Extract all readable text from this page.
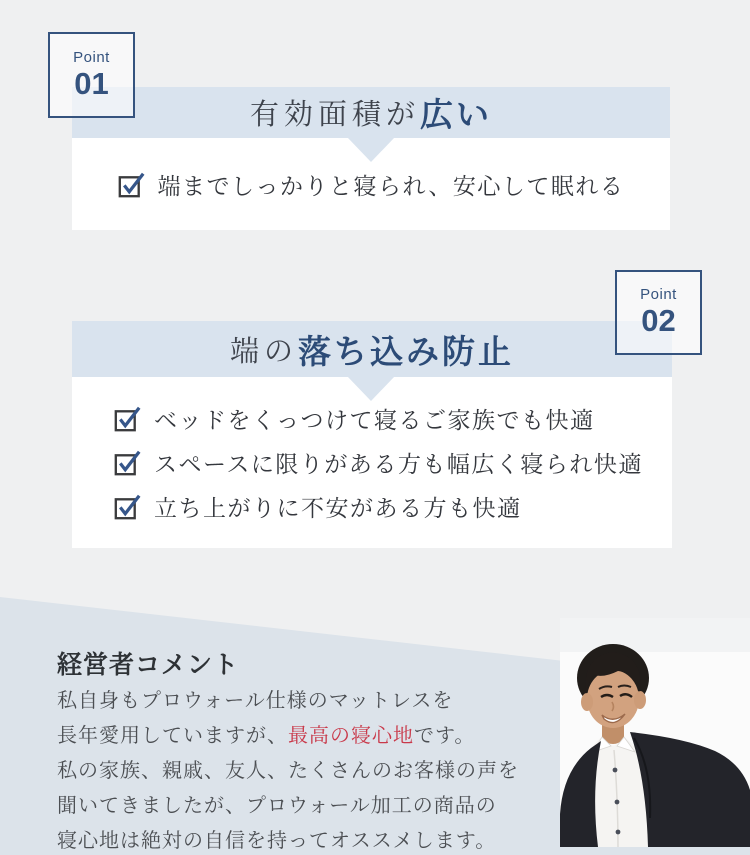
有効面積が 広い
端までしっかりと寝られ、安心して眠れる
Point
01
端の 落ち込み防止
ベッドをくっつけて寝るご家族でも快適
スペースに限りがある方も幅広く寝られ快適
立ち上がりに不安がある方も快適
Point
02
経営者コメント
私自身もプロウォール仕様のマットレスを
長年愛用していますが、最高の寝心地です。
私の家族、親戚、友人、たくさんのお客様の声を
聞いてきましたが、プロウォール加工の商品の
寝心地は絶対の自信を持ってオススメします。
